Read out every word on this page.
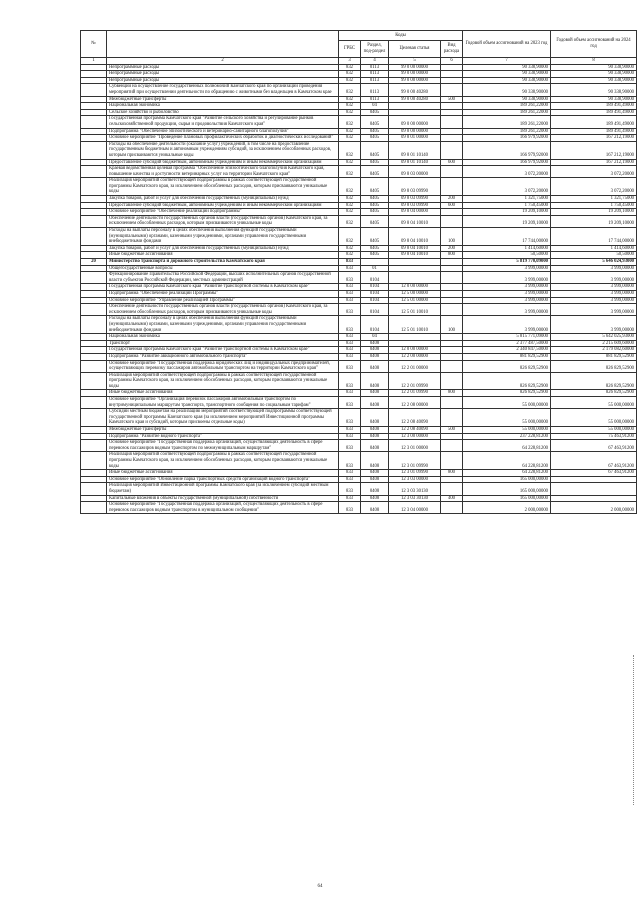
№		Коды				Годовой объем ассигнований на 2023 год	Годовой объем ассигнований на 2024 год
		ГРБС	Раздел, под-раздел	Целевая статья	Вид расхода		
1	2	3	4	5	6	7	8
	Непрограммные расходы	832	0113	99 0 00 00000		90 338,90000	90 338,90000
	Непрограммные расходы	832	0113	99 0 00 00000		90 338,90000	90 338,90000
	Непрограммные расходы	832	0113	99 0 00 00000		90 338,90000	90 338,90000
	Субвенции на осуществление государственных полномочий Камчатского края по организации проведения мероприятий при осуществлении деятельности по обращению с животными без владельцев в Камчатском крае	832	0113	99 0 00 40280		90 338,90000	90 338,90000
	Межбюджетные трансферты	832	0113	99 0 00 40280	500	90 338,90000	90 338,90000
	Национальная экономика	832	04			189 261,22000	189 491,49000
	Сельское хозяйство и рыболовство	832	0405			189 261,22000	189 491,49000
	Государственная программа Камчатского края "Развитие сельского хозяйства и регулирование рынков сельскохозяйственной продукции, сырья и продовольствия Камчатского края"	832	0405	09 0 00 00000		189 261,22000	189 491,49000
	Подпрограмма "Обеспечение эпизоотического и ветеринарно-санитарного благополучия"	832	0405	09 8 00 00000		189 261,22000	189 491,49000
	Основное мероприятие "Проведение плановых профилактических обработок и диагностических исследований"	832	0405	09 8 01 00000		166 979,92000	167 212,19000
	Расходы на обеспечение деятельности (оказание услуг) учреждений, в том числе на предоставление государственным бюджетным и автономным учреждениям субсидий, за исключением обособленных расходов, которым присваиваются уникальные коды	832	0405	09 8 01 10140		166 979,92000	167 212,19000
	Предоставление субсидий бюджетным, автономным учреждениям и иным некоммерческим организациям	832	0405	09 8 01 10140	600	166 979,92000	167 212,19000
	Краевая ведомственная целевая программа "Обеспечение эпизоотического благополучия Камчатского края, повышение качества и доступности ветеринарных услуг на территории Камчатского края"	832	0405	09 8 03 00000		3 072,20000	3 072,20000
	Реализация мероприятий соответствующей подпрограммы в рамках соответствующей государственной программы Камчатского края, за исключением обособленных расходов, которым присваиваются уникальные коды	832	0405	09 8 03 09990		3 072,20000	3 072,20000
	Закупка товаров, работ и услуг для обеспечения государственных (муниципальных) нужд	832	0405	09 8 03 09990	200	1 321,75000	1 321,75000
	Предоставление субсидий бюджетным, автономным учреждениям и иным некоммерческим организациям	832	0405	09 8 03 09990	600	1 750,45000	1 750,45000
	Основное мероприятие "Обеспечение реализации подпрограммы"	832	0405	09 8 04 00000		19 209,10000	19 209,10000
	Обеспечение деятельности государственных органов власти (государственных органов) Камчатского края, за исключением обособленных расходов, которым присваиваются уникальные коды	832	0405	09 8 04 10010		19 209,10000	19 209,10000
	Расходы на выплаты персоналу в целях обеспечения выполнения функций государственными (муниципальными) органами, казенными учреждениями, органами управления государственными внебюджетными фондами	832	0405	09 8 04 10010	100	17 744,00000	17 744,00000
	Закупка товаров, работ и услуг для обеспечения государственных (муниципальных) нужд	832	0405	09 8 04 10010	200	1 414,60000	1 414,60000
	Иные бюджетные ассигнования	832	0405	09 8 04 10010	800	50,50000	50,50000
20	Министерство транспорта и дорожного строительства Камчатского края	833				5 819 770,09000	5 646 024,93000
	Общегосударственные вопросы	833	01			3 999,00000	3 999,00000
	Функционирование Правительства Российской Федерации, высших исполнительных органов государственной власти субъектов Российской Федерации, местных администраций	833	0104			3 999,00000	3 999,00000
	Государственная программа Камчатского края "Развитие транспортной системы в Камчатском крае"	833	0104	12 0 00 00000		3 999,00000	3 999,00000
	Подпрограмма "Обеспечение реализации Программы"	833	0104	12 5 00 00000		3 999,00000	3 999,00000
	Основное мероприятие "Управление реализацией Программы"	833	0104	12 5 01 00000		3 999,00000	3 999,00000
	Обеспечение деятельности государственных органов власти (государственных органов) Камчатского края, за исключением обособленных расходов, которым присваиваются уникальные коды	833	0104	12 5 01 10010		3 999,00000	3 999,00000
	Расходы на выплаты персоналу в целях обеспечения выполнения функций государственными (муниципальными) органами, казенными учреждениями, органами управления государственными внебюджетными фондами	833	0104	12 5 01 10010	100	3 999,00000	3 999,00000
	Национальная экономика	833	04			5 815 771,09000	5 642 025,93000
	Транспорт	833	0408			2 377 487,50000	2 215 609,60000
	Государственная программа Камчатского края "Развитие транспортной системы в Камчатском крае"	833	0408	12 0 00 00000		2 340 847,50000	2 179 082,60000
	Подпрограмма "Развитие авиационного автомобильного транспорта"	833	0408	12 2 00 00000		881 829,52900	881 829,52900
	Основное мероприятие "Государственная поддержка юридических лиц и индивидуальных предпринимателей, осуществляющих перевозку пассажиров автомобильным транспортом на территории Камчатского края"	833	0408	12 2 01 00000		826 829,52900	826 829,52900
	Реализация мероприятий соответствующей подпрограммы в рамках соответствующей государственной программы Камчатского края, за исключением обособленных расходов, которым присваиваются уникальные коды	833	0408	12 2 01 09990		826 829,52900	826 829,52900
	Иные бюджетные ассигнования	833	0408	12 2 01 09990	800	826 829,52900	826 829,52900
	Основное мероприятие "Организация перевозок пассажиров автомобильным транспортом по внутримуниципальным маршрутам транспорта, транспортного сообщения по социальным тарифам"	833	0408	12 2 08 00000		55 000,00000	55 000,00000
	Субсидии местным бюджетам на реализацию мероприятий соответствующей подпрограммы соответствующей государственной программы Камчатского края (за исключением мероприятий Инвестиционной программы Камчатского края и субсидий, которым присвоены отдельные коды)	833	0408	12 2 08 40090		55 000,00000	55 000,00000
	Межбюджетные трансферты	833	0408	12 2 08 40090	500	55 000,00000	55 000,00000
	Подпрограмма "Развитие водного транспорта"	833	0408	12 3 00 00000		237 228,81200	75 463,91200
	Основное мероприятие "Государственная поддержка организаций, осуществляющих деятельность в сфере перевозок пассажиров водным транспортом по межмуниципальным маршрутам"	833	0408	12 3 01 00000		64 228,81200	67 463,91200
	Реализация мероприятий соответствующей подпрограммы в рамках соответствующей государственной программы Камчатского края, за исключением обособленных расходов, которым присваиваются уникальные коды	833	0408	12 3 01 09990		64 228,81200	67 463,91200
	Иные бюджетные ассигнования	833	0408	12 3 01 09990	800	64 228,81200	67 463,91200
	Основное мероприятие "Обновление парка транспортных средств организаций водного транспорта"	833	0408	12 3 03 00000		165 000,00000	
	Реализация мероприятий Инвестиционной программы Камчатского края (за исключением субсидий местным бюджетам)	833	0408	12 3 03 30130		165 000,00000	
	Капитальные вложения в объекты государственной (муниципальной) собственности	833	0408	12 3 03 30130	400	165 000,00000	
	Основное мероприятие "Государственная поддержка организаций, осуществляющих деятельность в сфере перевозок пассажиров водным транспортом в муниципальном сообщении"	833	0408	12 3 04 00000		2 000,00000	2 000,00000
64
